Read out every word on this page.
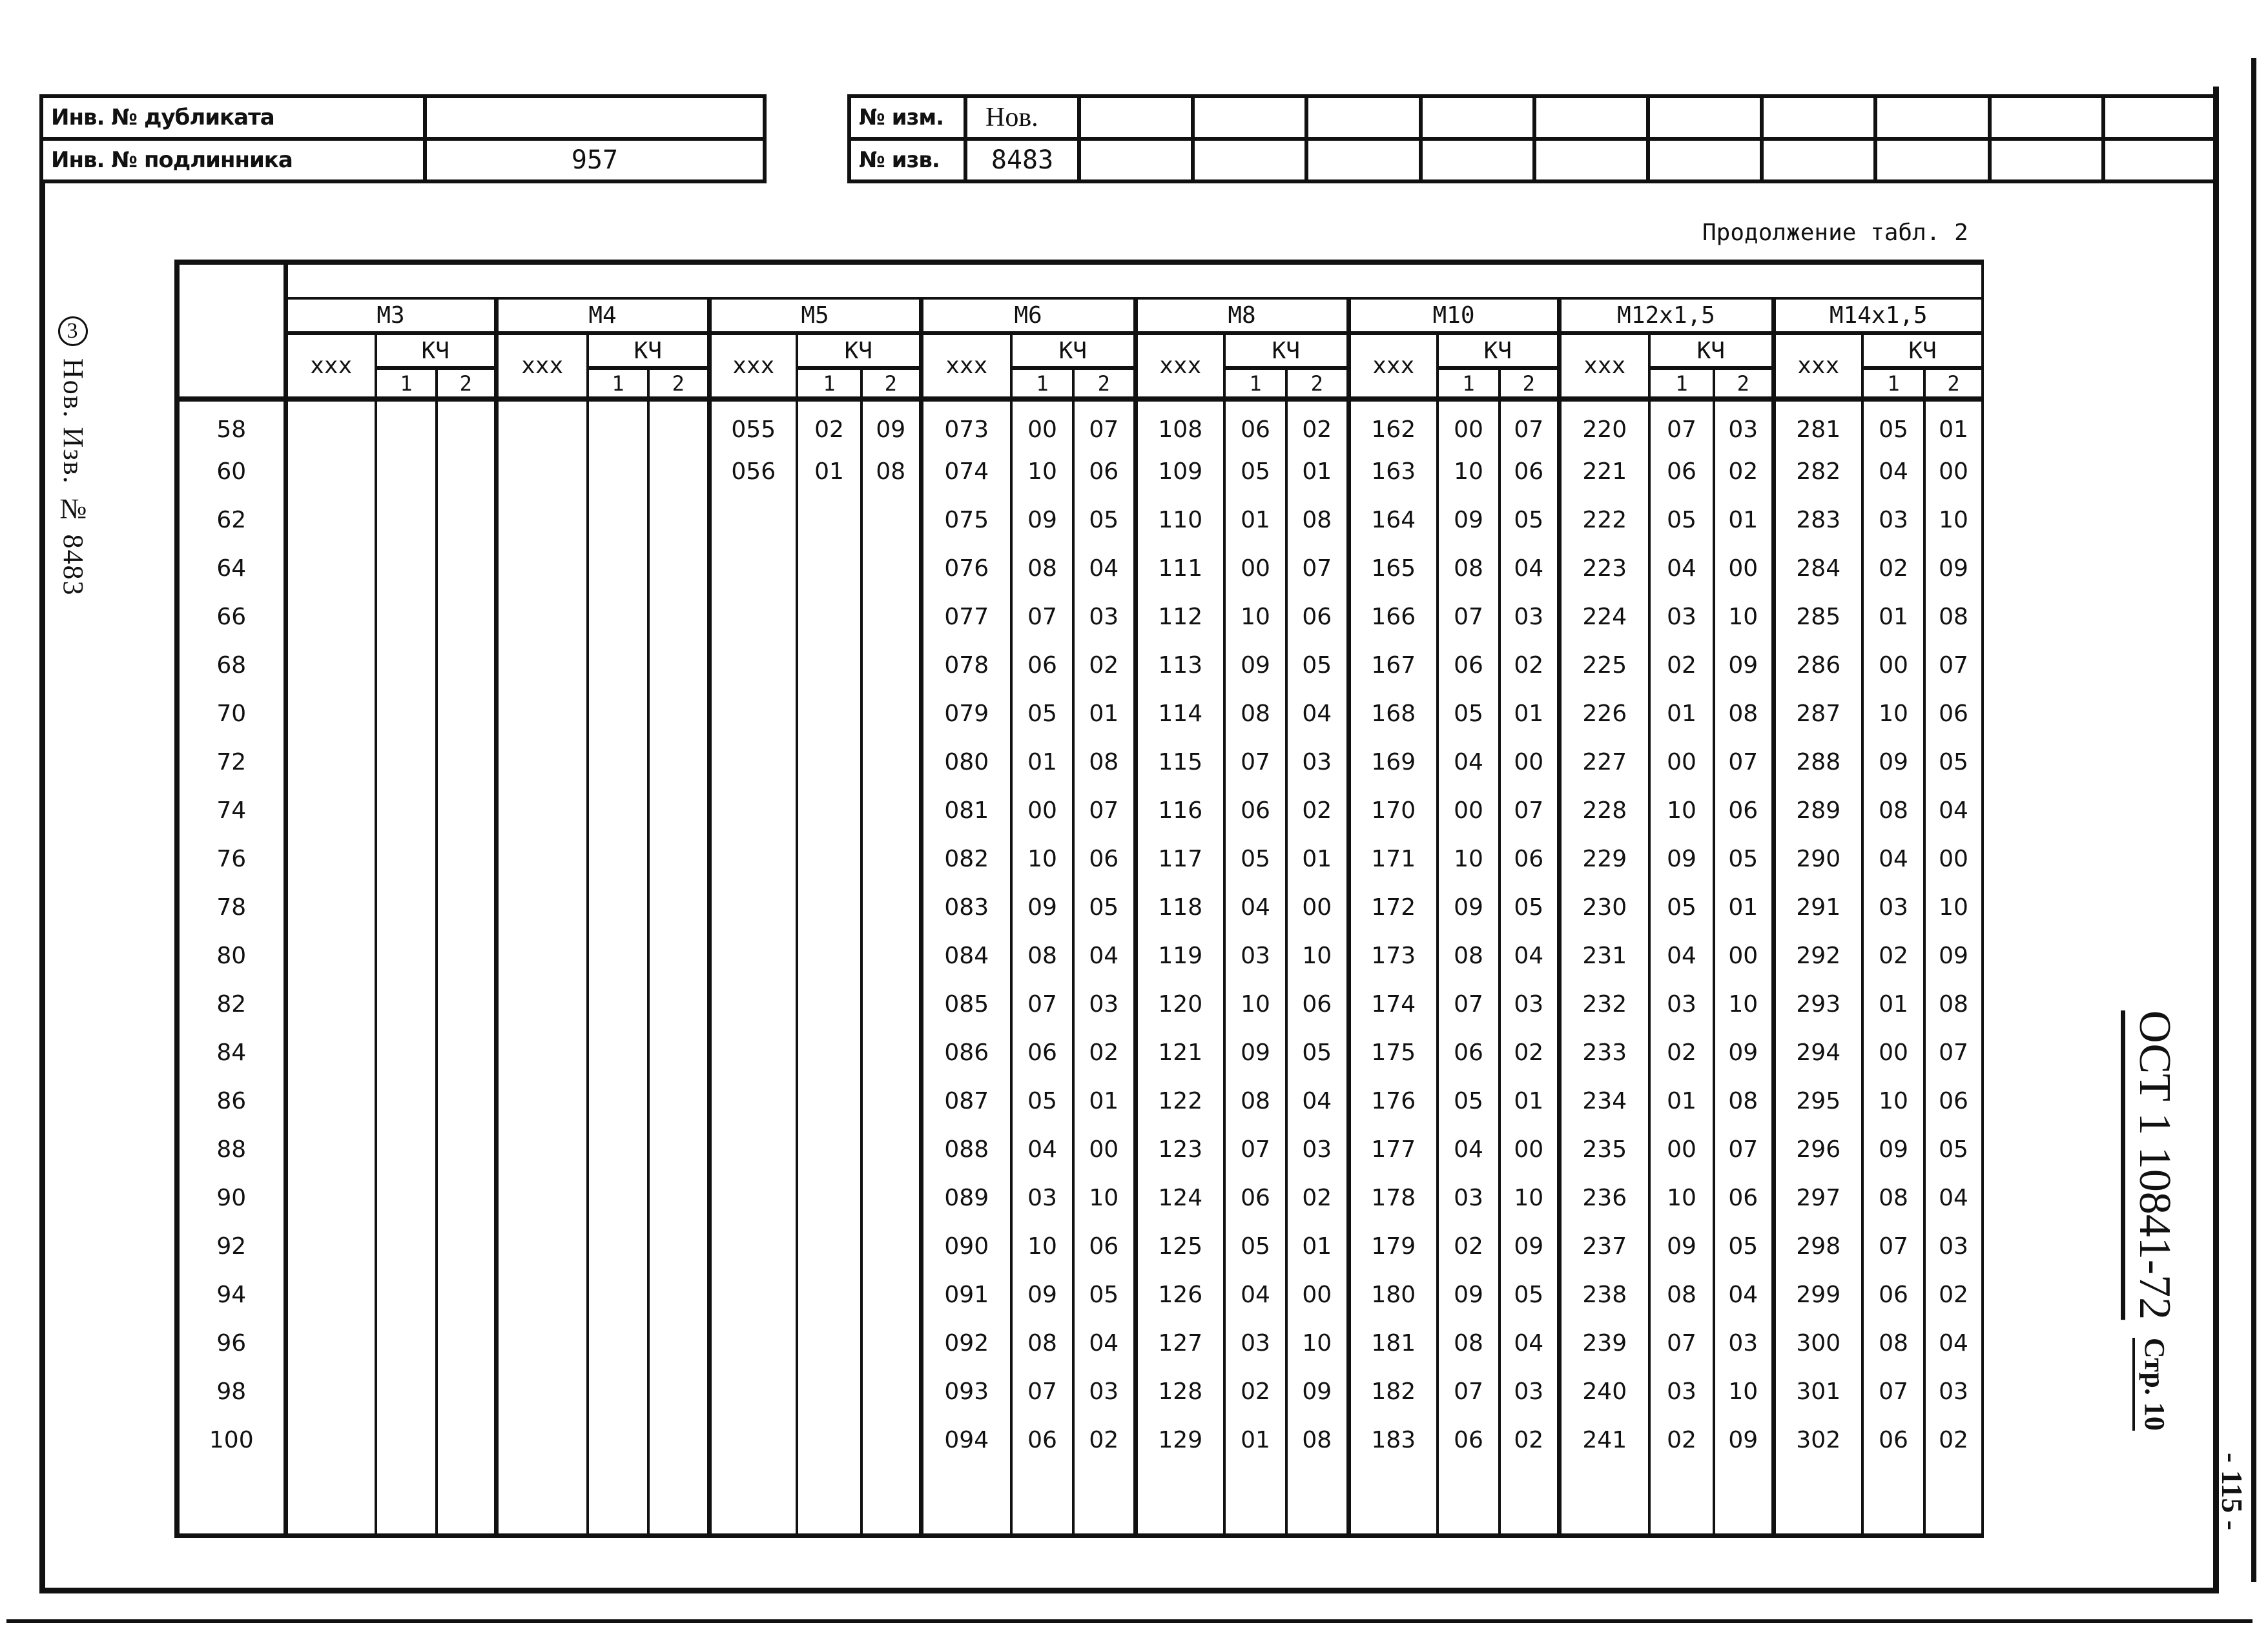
Инв. № дубликата	
Инв. № подлинника	957
№ изм.	Нов.										
№ изв.	8483										
Продолжение табл. 2
3 Нов. Изв. № 8483

	М3			М4			М5			М6			М8			М10			М12х1,5			М14х1,5		
	ххх	КЧ		ххх	КЧ		ххх	КЧ		ххх	КЧ		ххх	КЧ		ххх	КЧ		ххх	КЧ		ххх	КЧ	
		1	2		1	2		1	2		1	2		1	2		1	2		1	2		1	2
58							055	02	09	073	00	07	108	06	02	162	00	07	220	07	03	281	05	01
60							056	01	08	074	10	06	109	05	01	163	10	06	221	06	02	282	04	00
62										075	09	05	110	01	08	164	09	05	222	05	01	283	03	10
64										076	08	04	111	00	07	165	08	04	223	04	00	284	02	09
66										077	07	03	112	10	06	166	07	03	224	03	10	285	01	08
68										078	06	02	113	09	05	167	06	02	225	02	09	286	00	07
70										079	05	01	114	08	04	168	05	01	226	01	08	287	10	06
72										080	01	08	115	07	03	169	04	00	227	00	07	288	09	05
74										081	00	07	116	06	02	170	00	07	228	10	06	289	08	04
76										082	10	06	117	05	01	171	10	06	229	09	05	290	04	00
78										083	09	05	118	04	00	172	09	05	230	05	01	291	03	10
80										084	08	04	119	03	10	173	08	04	231	04	00	292	02	09
82										085	07	03	120	10	06	174	07	03	232	03	10	293	01	08
84										086	06	02	121	09	05	175	06	02	233	02	09	294	00	07
86										087	05	01	122	08	04	176	05	01	234	01	08	295	10	06
88										088	04	00	123	07	03	177	04	00	235	00	07	296	09	05
90										089	03	10	124	06	02	178	03	10	236	10	06	297	08	04
92										090	10	06	125	05	01	179	02	09	237	09	05	298	07	03
94										091	09	05	126	04	00	180	09	05	238	08	04	299	06	02
96										092	08	04	127	03	10	181	08	04	239	07	03	300	08	04
98										093	07	03	128	02	09	182	07	03	240	03	10	301	07	03
100										094	06	02	129	01	08	183	06	02	241	02	09	302	06	02

ОСТ 1 10841-72 Стр. 10
- 115 -
